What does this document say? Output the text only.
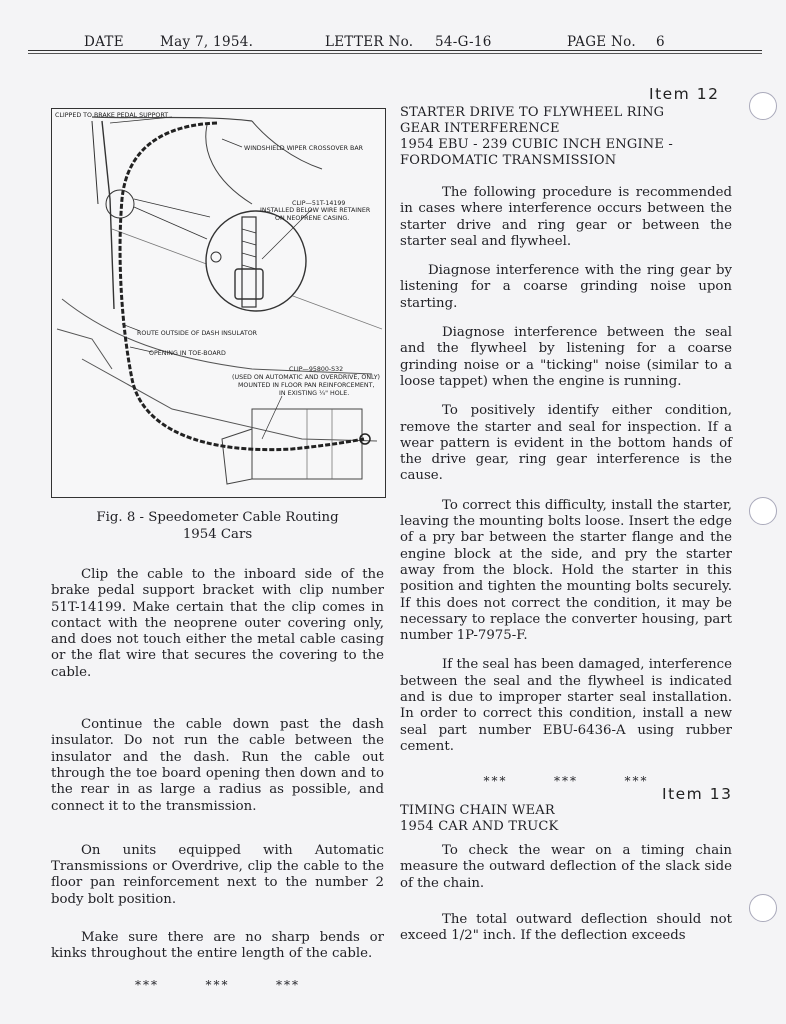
DATE	May 7, 1954.	LETTER No. 54-G-16	PAGE No. 6
CLIPPED TO BRAKE PEDAL SUPPORT
WINDSHIELD WIPER CROSSOVER BAR
CLIP—51T-14199
INSTALLED BELOW WIRE RETAINER
ON NEOPRENE CASING.
ROUTE OUTSIDE OF DASH INSULATOR
OPENING IN TOE-BOARD
CLIP—95800-S32
(USED ON AUTOMATIC AND OVERDRIVE, ONLY)
MOUNTED IN FLOOR PAN REINFORCEMENT,
IN EXISTING ¼" HOLE.
Fig. 8 - Speedometer Cable Routing
1954 Cars

Clip the cable to the inboard side of the brake pedal support bracket with clip number 51T-14199. Make certain that the clip comes in contact with the neoprene outer covering only, and does not touch either the metal cable casing or the flat wire that secures the covering to the cable.

Continue the cable down past the dash insulator. Do not run the cable between the insulator and the dash. Run the cable out through the toe board opening then down and to the rear in as large a radius as possible, and connect it to the transmission.

On units equipped with Automatic Transmissions or Overdrive, clip the cable to the floor pan reinforcement next to the number 2 body bolt position.

Make sure there are no sharp bends or kinks throughout the entire length of the cable.

***        ***        ***
Item 12
STARTER DRIVE TO FLYWHEEL RING
GEAR INTERFERENCE
1954 EBU - 239 CUBIC INCH ENGINE -
FORDOMATIC TRANSMISSION

The following procedure is recommended in cases where interference occurs between the starter drive and ring gear or between the starter seal and flywheel.

Diagnose interference with the ring gear by listening for a coarse grinding noise upon starting.

Diagnose interference between the seal and the flywheel by listening for a coarse grinding noise or a "ticking" noise (similar to a loose tappet) when the engine is running.

To positively identify either condition, remove the starter and seal for inspection. If a wear pattern is evident in the bottom hands of the drive gear, ring gear interference is the cause.

To correct this difficulty, install the starter, leaving the mounting bolts loose. Insert the edge of a pry bar between the starter flange and the engine block at the side, and pry the starter away from the block. Hold the starter in this position and tighten the mounting bolts securely. If this does not correct the condition, it may be necessary to replace the converter housing, part number 1P-7975-F.

If the seal has been damaged, interference between the seal and the flywheel is indicated and is due to improper starter seal installation. In order to correct this condition, install a new seal part number EBU-6436-A using rubber cement.

***        ***        ***
Item 13
TIMING CHAIN WEAR
1954 CAR AND TRUCK

To check the wear on a timing chain measure the outward deflection of the slack side of the chain.

The total outward deflection should not exceed 1/2" inch. If the deflection exceeds
